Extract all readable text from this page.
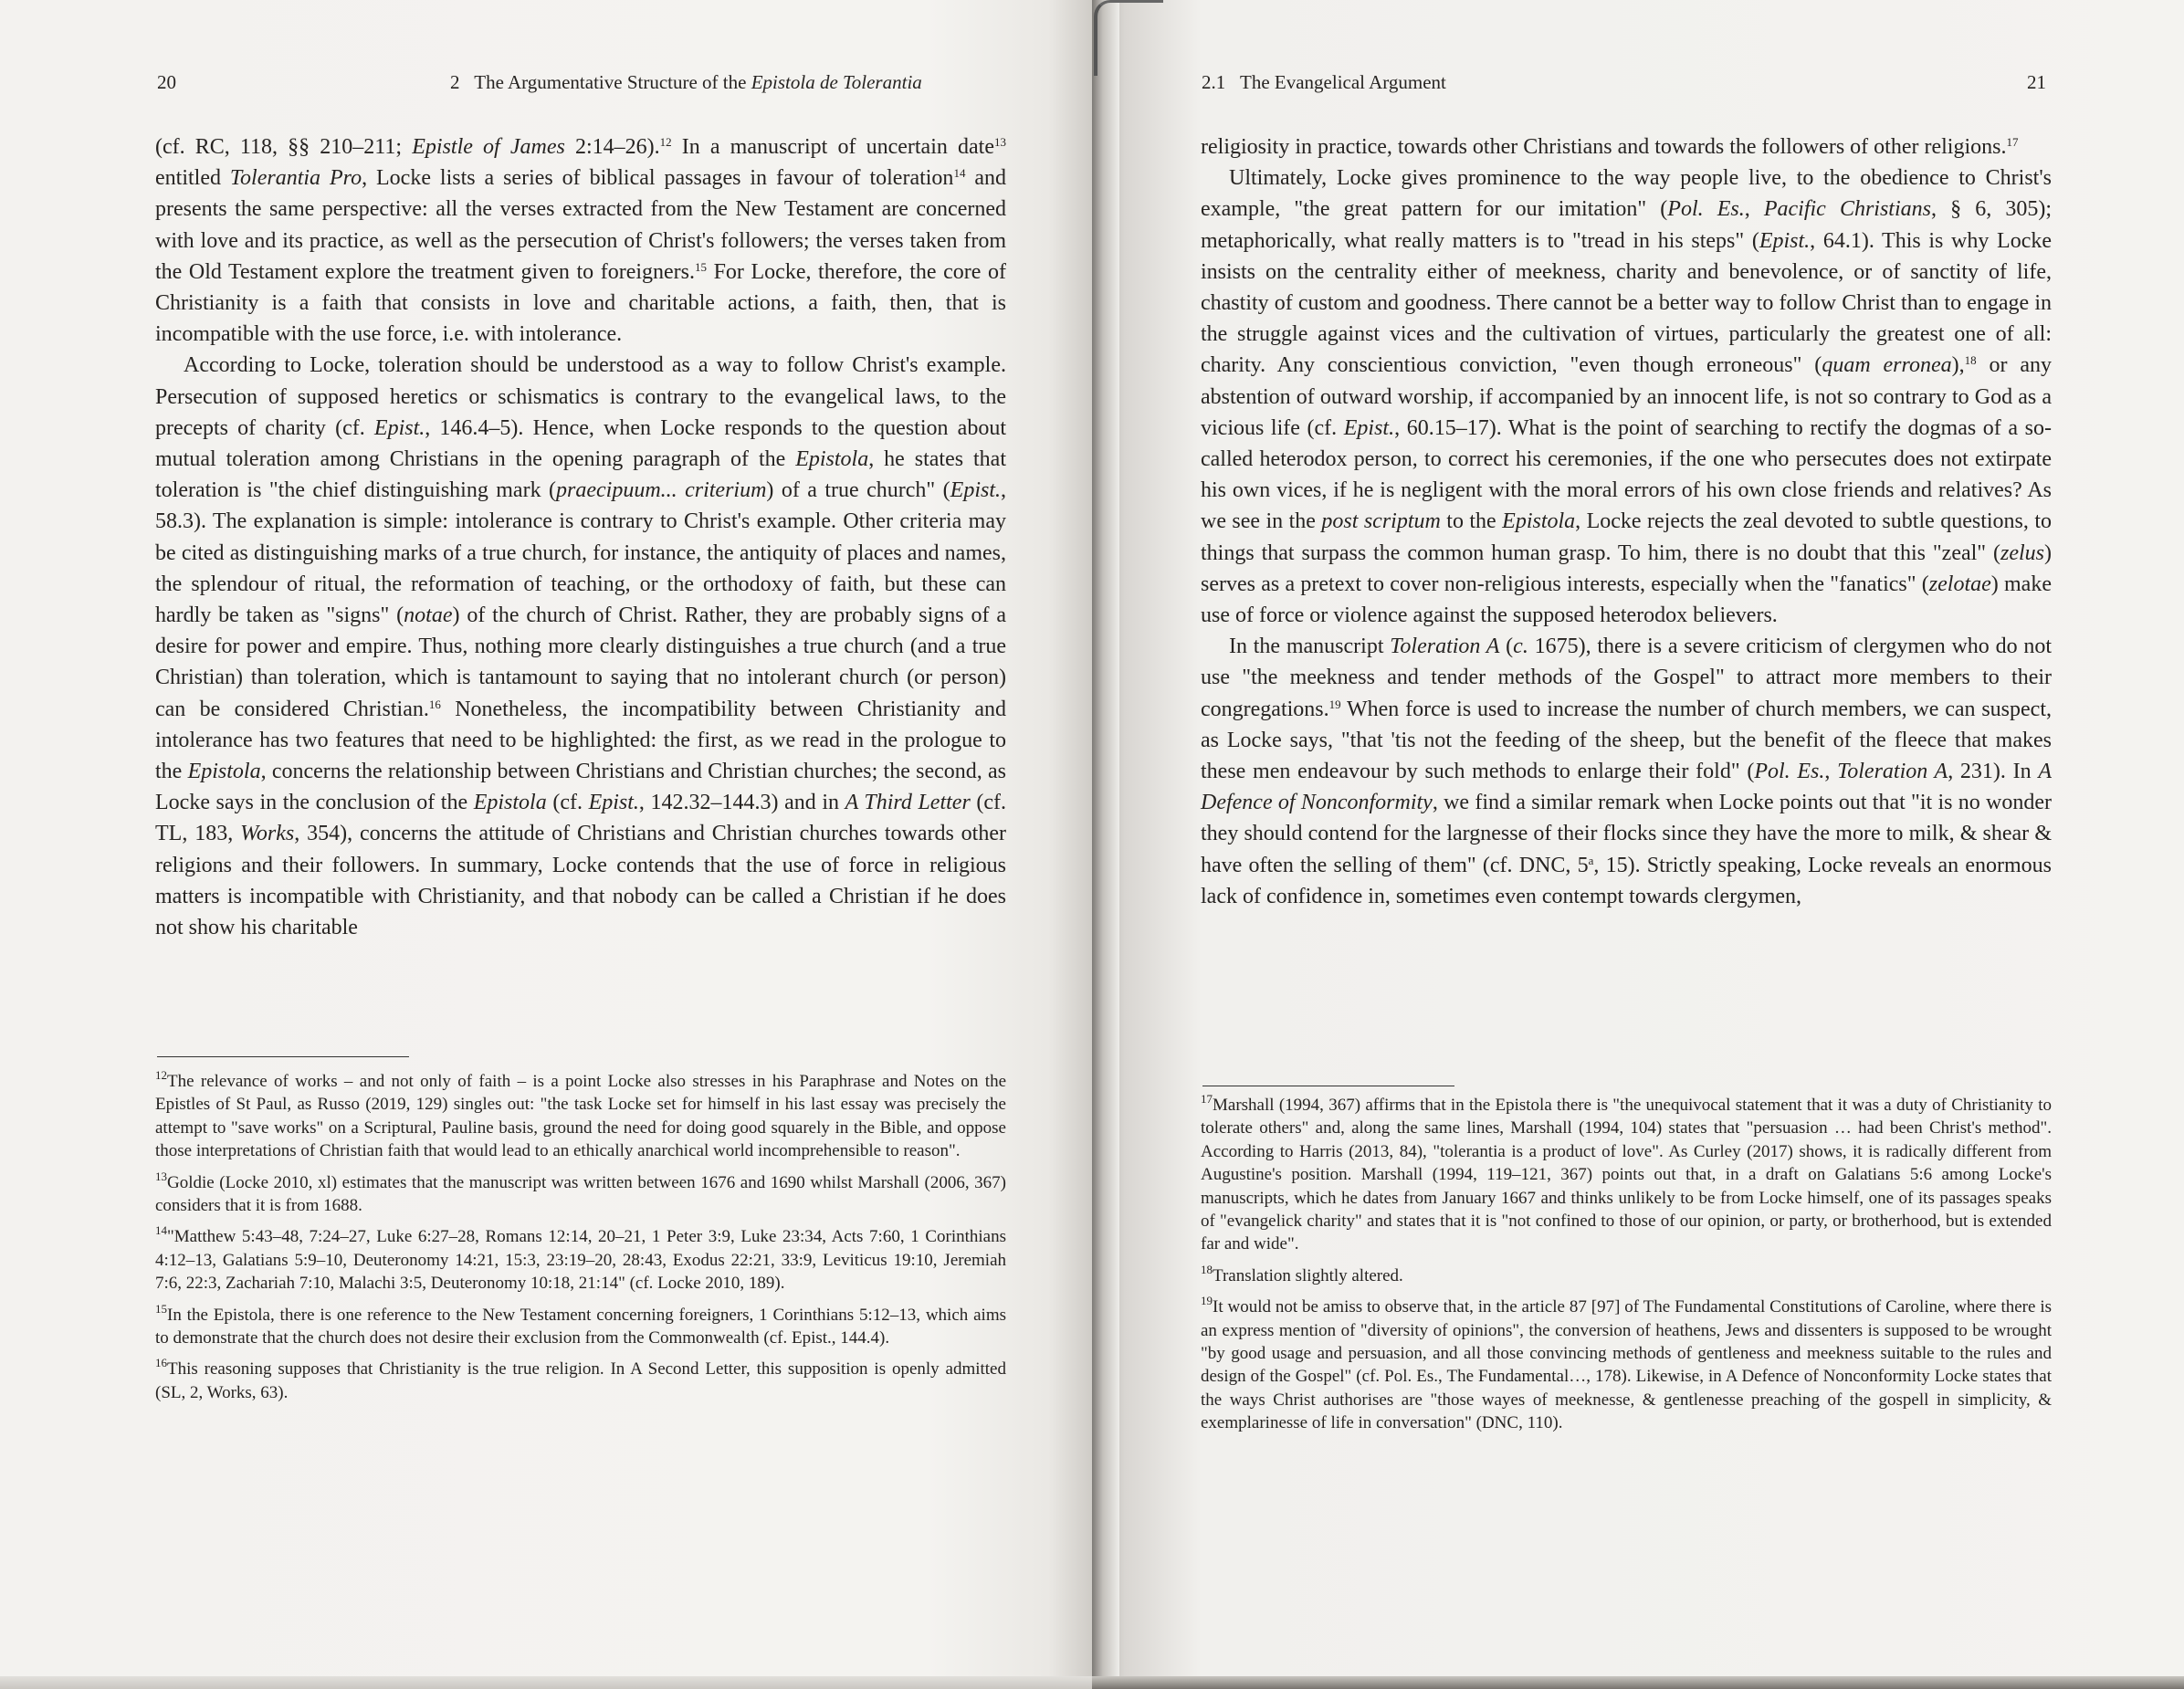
20	2   The Argumentative Structure of the Epistola de Tolerantia

(cf. RC, 118, §§ 210–211; Epistle of James 2:14–26).$^{12}$ In a manuscript of uncertain date$^{13}$ entitled Tolerantia Pro, Locke lists a series of biblical passages in favour of toleration$^{14}$ and presents the same perspective: all the verses extracted from the New Testament are concerned with love and its practice, as well as the persecution of Christ's followers; the verses taken from the Old Testament explore the treatment given to foreigners.$^{15}$ For Locke, therefore, the core of Christianity is a faith that consists in love and charitable actions, a faith, then, that is incompatible with the use force, i.e. with intolerance.

According to Locke, toleration should be understood as a way to follow Christ's example. Persecution of supposed heretics or schismatics is contrary to the evangelical laws, to the precepts of charity (cf. Epist., 146.4–5). Hence, when Locke responds to the question about mutual toleration among Christians in the opening paragraph of the Epistola, he states that toleration is "the chief distinguishing mark (praecipuum... criterium) of a true church" (Epist., 58.3). The explanation is simple: intolerance is contrary to Christ's example. Other criteria may be cited as distinguishing marks of a true church, for instance, the antiquity of places and names, the splendour of ritual, the reformation of teaching, or the orthodoxy of faith, but these can hardly be taken as "signs" (notae) of the church of Christ. Rather, they are probably signs of a desire for power and empire. Thus, nothing more clearly distinguishes a true church (and a true Christian) than toleration, which is tantamount to saying that no intolerant church (or person) can be considered Christian.$^{16}$ Nonetheless, the incompatibility between Christianity and intolerance has two features that need to be highlighted: the first, as we read in the prologue to the Epistola, concerns the relationship between Christians and Christian churches; the second, as Locke says in the conclusion of the Epistola (cf. Epist., 142.32–144.3) and in A Third Letter (cf. TL, 183, Works, 354), concerns the attitude of Christians and Christian churches towards other religions and their followers. In summary, Locke contends that the use of force in religious matters is incompatible with Christianity, and that nobody can be called a Christian if he does not show his charitable

$^{12}$The relevance of works – and not only of faith – is a point Locke also stresses in his Paraphrase and Notes on the Epistles of St Paul, as Russo (2019, 129) singles out: "the task Locke set for himself in his last essay was precisely the attempt to "save works" on a Scriptural, Pauline basis, ground the need for doing good squarely in the Bible, and oppose those interpretations of Christian faith that would lead to an ethically anarchical world incomprehensible to reason".

$^{13}$Goldie (Locke 2010, xl) estimates that the manuscript was written between 1676 and 1690 whilst Marshall (2006, 367) considers that it is from 1688.

$^{14}$"Matthew 5:43–48, 7:24–27, Luke 6:27–28, Romans 12:14, 20–21, 1 Peter 3:9, Luke 23:34, Acts 7:60, 1 Corinthians 4:12–13, Galatians 5:9–10, Deuteronomy 14:21, 15:3, 23:19–20, 28:43, Exodus 22:21, 33:9, Leviticus 19:10, Jeremiah 7:6, 22:3, Zachariah 7:10, Malachi 3:5, Deuteronomy 10:18, 21:14" (cf. Locke 2010, 189).

$^{15}$In the Epistola, there is one reference to the New Testament concerning foreigners, 1 Corinthians 5:12–13, which aims to demonstrate that the church does not desire their exclusion from the Commonwealth (cf. Epist., 144.4).

$^{16}$This reasoning supposes that Christianity is the true religion. In A Second Letter, this supposition is openly admitted (SL, 2, Works, 63).

2.1   The Evangelical Argument	21

religiosity in practice, towards other Christians and towards the followers of other religions.$^{17}$

Ultimately, Locke gives prominence to the way people live, to the obedience to Christ's example, "the great pattern for our imitation" (Pol. Es., Pacific Christians, § 6, 305); metaphorically, what really matters is to "tread in his steps" (Epist., 64.1). This is why Locke insists on the centrality either of meekness, charity and benevolence, or of sanctity of life, chastity of custom and goodness. There cannot be a better way to follow Christ than to engage in the struggle against vices and the cultivation of virtues, particularly the greatest one of all: charity. Any conscientious conviction, "even though erroneous" (quam erronea),$^{18}$ or any abstention of outward worship, if accompanied by an innocent life, is not so contrary to God as a vicious life (cf. Epist., 60.15–17). What is the point of searching to rectify the dogmas of a so-called heterodox person, to correct his ceremonies, if the one who persecutes does not extirpate his own vices, if he is negligent with the moral errors of his own close friends and relatives? As we see in the post scriptum to the Epistola, Locke rejects the zeal devoted to subtle questions, to things that surpass the common human grasp. To him, there is no doubt that this "zeal" (zelus) serves as a pretext to cover non-religious interests, especially when the "fanatics" (zelotae) make use of force or violence against the supposed heterodox believers.

In the manuscript Toleration A (c. 1675), there is a severe criticism of clergymen who do not use "the meekness and tender methods of the Gospel" to attract more members to their congregations.$^{19}$ When force is used to increase the number of church members, we can suspect, as Locke says, "that 'tis not the feeding of the sheep, but the benefit of the fleece that makes these men endeavour by such methods to enlarge their fold" (Pol. Es., Toleration A, 231). In A Defence of Nonconformity, we find a similar remark when Locke points out that "it is no wonder they should contend for the largnesse of their flocks since they have the more to milk, & shear & have often the selling of them" (cf. DNC, 5$^a$, 15). Strictly speaking, Locke reveals an enormous lack of confidence in, sometimes even contempt towards clergymen,

$^{17}$Marshall (1994, 367) affirms that in the Epistola there is "the unequivocal statement that it was a duty of Christianity to tolerate others" and, along the same lines, Marshall (1994, 104) states that "persuasion … had been Christ's method". According to Harris (2013, 84), "tolerantia is a product of love". As Curley (2017) shows, it is radically different from Augustine's position. Marshall (1994, 119–121, 367) points out that, in a draft on Galatians 5:6 among Locke's manuscripts, which he dates from January 1667 and thinks unlikely to be from Locke himself, one of its passages speaks of "evangelick charity" and states that it is "not confined to those of our opinion, or party, or brotherhood, but is extended far and wide".

$^{18}$Translation slightly altered.

$^{19}$It would not be amiss to observe that, in the article 87 [97] of The Fundamental Constitutions of Caroline, where there is an express mention of "diversity of opinions", the conversion of heathens, Jews and dissenters is supposed to be wrought "by good usage and persuasion, and all those convincing methods of gentleness and meekness suitable to the rules and design of the Gospel" (cf. Pol. Es., The Fundamental…, 178). Likewise, in A Defence of Nonconformity Locke states that the ways Christ authorises are "those wayes of meeknesse, & gentlenesse preaching of the gospell in simplicity, & exemplarinesse of life in conversation" (DNC, 110).
